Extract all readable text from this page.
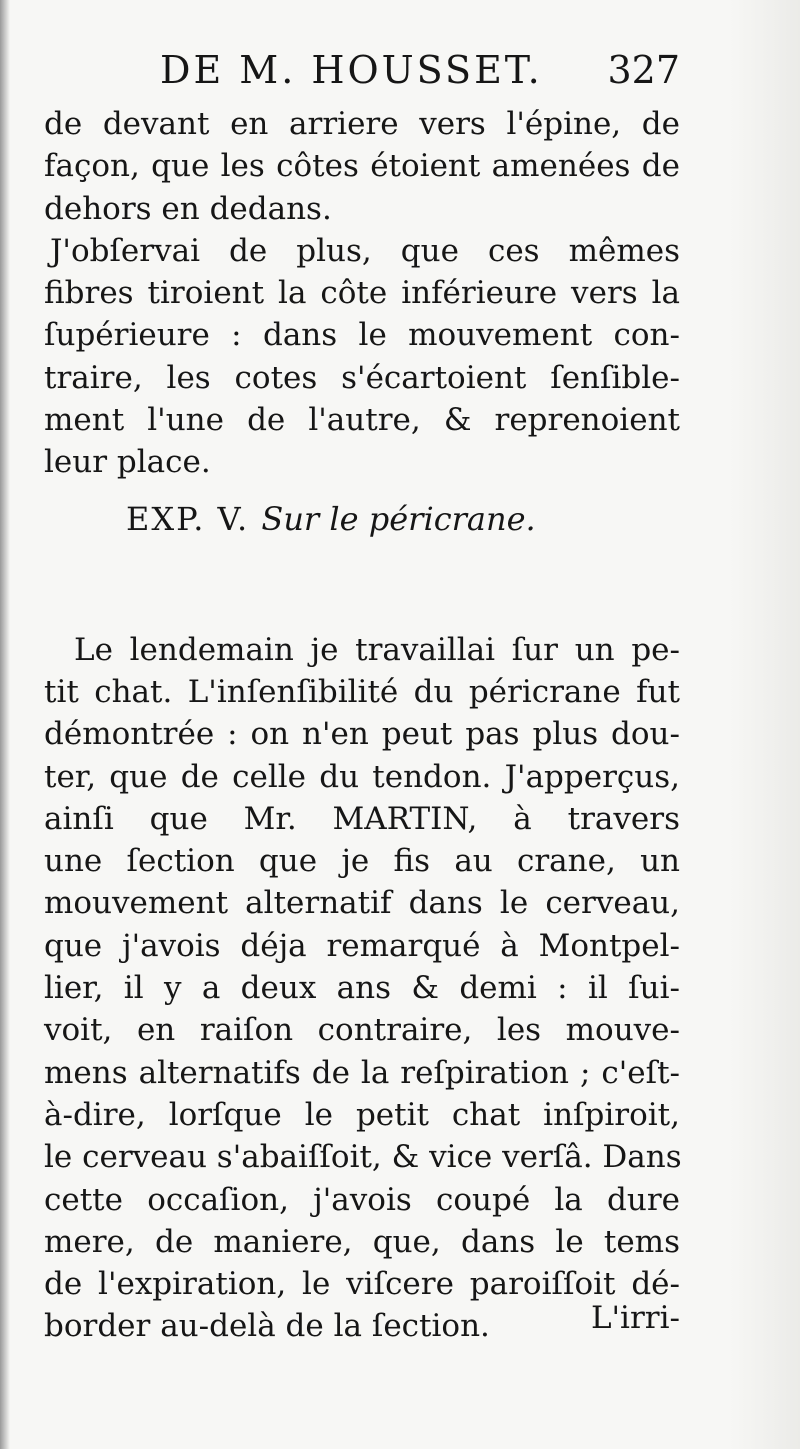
DE M. HOUSSET. 327
de devant en arriere vers l'épine, de
façon, que les côtes étoient amenées de
dehors en dedans.
J'obſervai de plus, que ces mêmes
fibres tiroient la côte inférieure vers la
ſupérieure : dans le mouvement con-
traire, les cotes s'écartoient ſenſible-
ment l'une de l'autre, & reprenoient
leur place.
EXP. V. Sur le péricrane.
Le lendemain je travaillai ſur un pe-
tit chat. L'inſenſibilité du péricrane fut
démontrée : on n'en peut pas plus dou-
ter, que de celle du tendon. J'apperçus,
ainſi que Mr. MARTIN, à travers
une ſection que je fis au crane, un
mouvement alternatif dans le cerveau,
que j'avois déja remarqué à Montpel-
lier, il y a deux ans & demi : il ſui-
voit, en raiſon contraire, les mouve-
mens alternatifs de la reſpiration ; c'eſt-
à-dire, lorſque le petit chat inſpiroit,
le cerveau s'abaiſſoit, & vice verſâ. Dans
cette occaſion, j'avois coupé la dure
mere, de maniere, que, dans le tems
de l'expiration, le viſcere paroiſſoit dé-
border au-delà de la ſection.	L'irri-
